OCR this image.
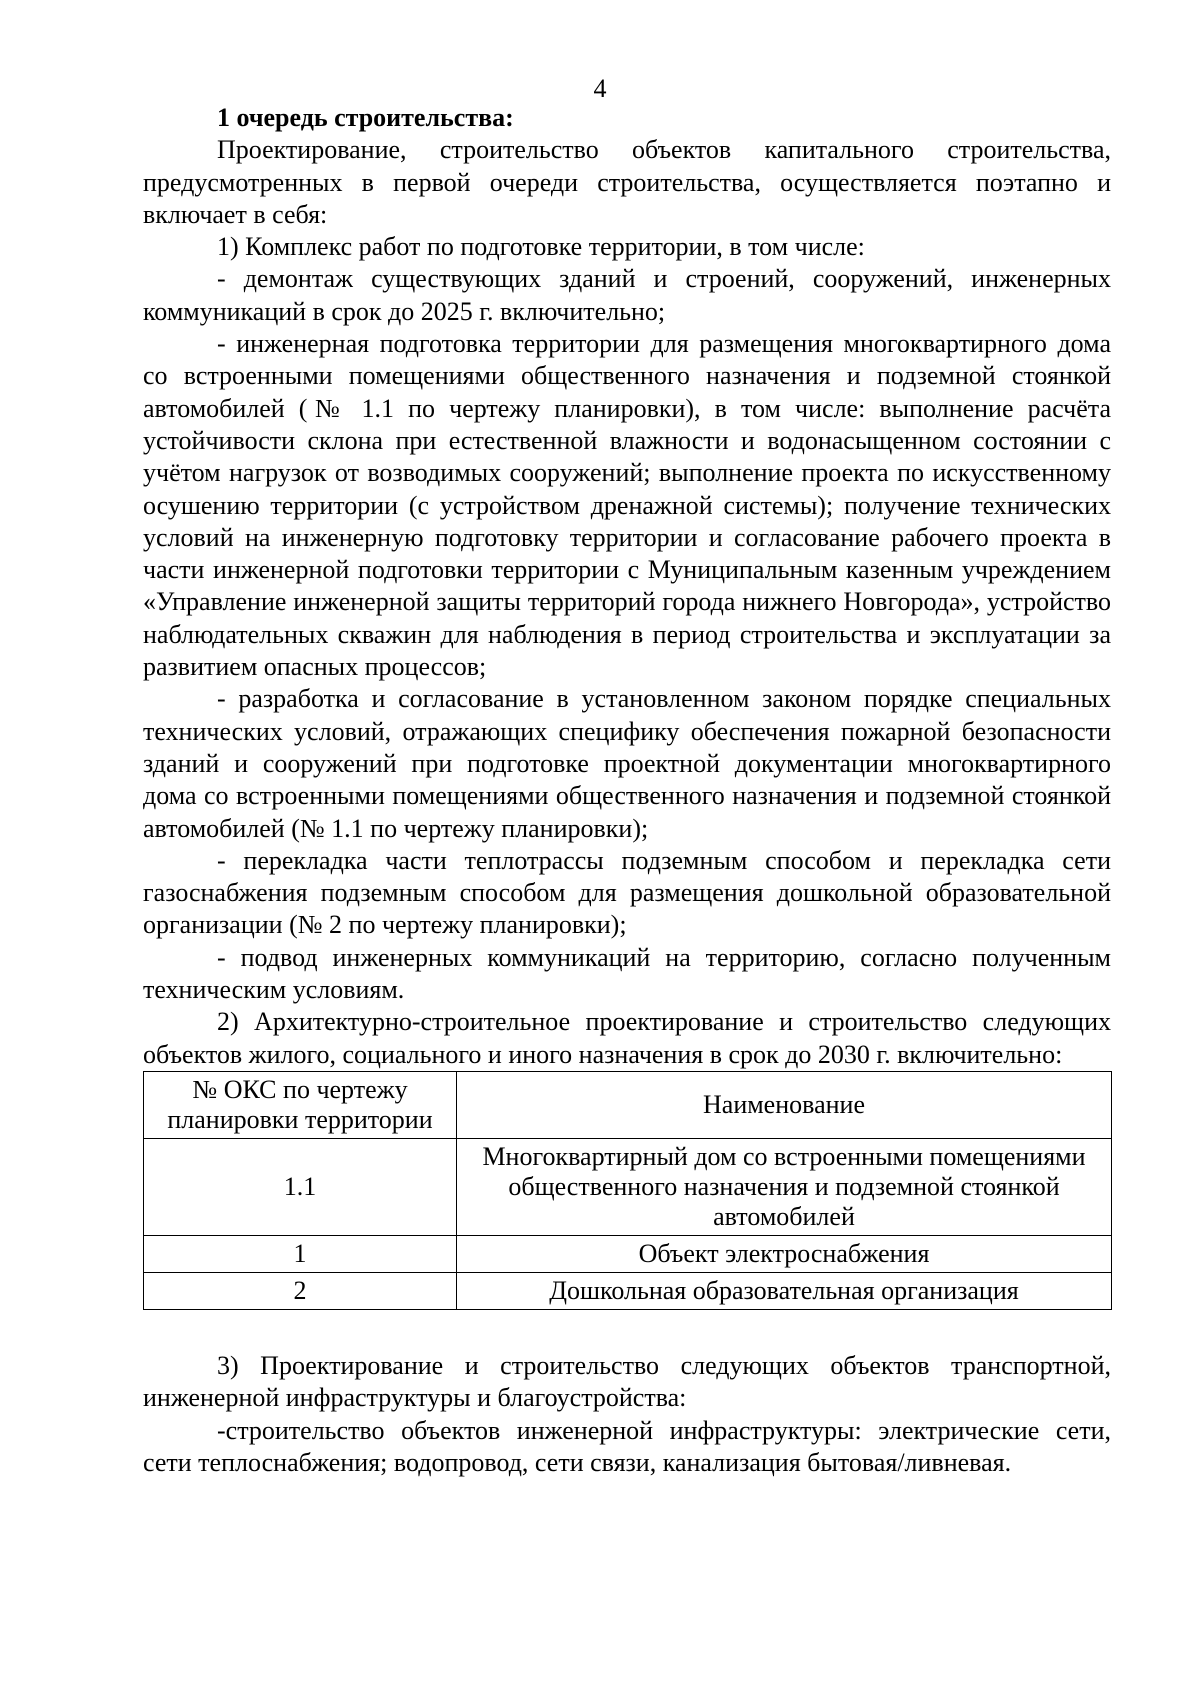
4

1 очередь строительства:

Проектирование, строительство объектов капитального строительства, предусмотренных в первой очереди строительства, осуществляется поэтапно и включает в себя:

1) Комплекс работ по подготовке территории, в том числе:

- демонтаж существующих зданий и строений, сооружений, инженерных коммуникаций в срок до 2025 г. включительно;

- инженерная подготовка территории для размещения многоквартирного дома со встроенными помещениями общественного назначения и подземной стоянкой автомобилей (№ 1.1 по чертежу планировки), в том числе: выполнение расчёта устойчивости склона при естественной влажности и водонасыщенном состоянии с учётом нагрузок от возводимых сооружений; выполнение проекта по искусственному осушению территории (с устройством дренажной системы); получение технических условий на инженерную подготовку территории и согласование рабочего проекта в части инженерной подготовки территории с Муниципальным казенным учреждением «Управление инженерной защиты территорий города нижнего Новгорода», устройство наблюдательных скважин для наблюдения в период строительства и эксплуатации за развитием опасных процессов;

- разработка и согласование в установленном законом порядке специальных технических условий, отражающих специфику обеспечения пожарной безопасности зданий и сооружений при подготовке проектной документации многоквартирного дома со встроенными помещениями общественного назначения и подземной стоянкой автомобилей (№ 1.1 по чертежу планировки);

- перекладка части теплотрассы подземным способом и перекладка сети газоснабжения подземным способом для размещения дошкольной образовательной организации (№ 2 по чертежу планировки);

- подвод инженерных коммуникаций на территорию, согласно полученным техническим условиям.

2) Архитектурно-строительное проектирование и строительство следующих объектов жилого, социального и иного назначения в срок до 2030 г. включительно:

№ ОКС по чертежу планировки территории	Наименование
1.1	Многоквартирный дом со встроенными помещениями общественного назначения и подземной стоянкой автомобилей
1	Объект электроснабжения
2	Дошкольная образовательная организация

3) Проектирование и строительство следующих объектов транспортной, инженерной инфраструктуры и благоустройства:

-строительство объектов инженерной инфраструктуры: электрические сети, сети теплоснабжения; водопровод, сети связи, канализация бытовая/ливневая.
